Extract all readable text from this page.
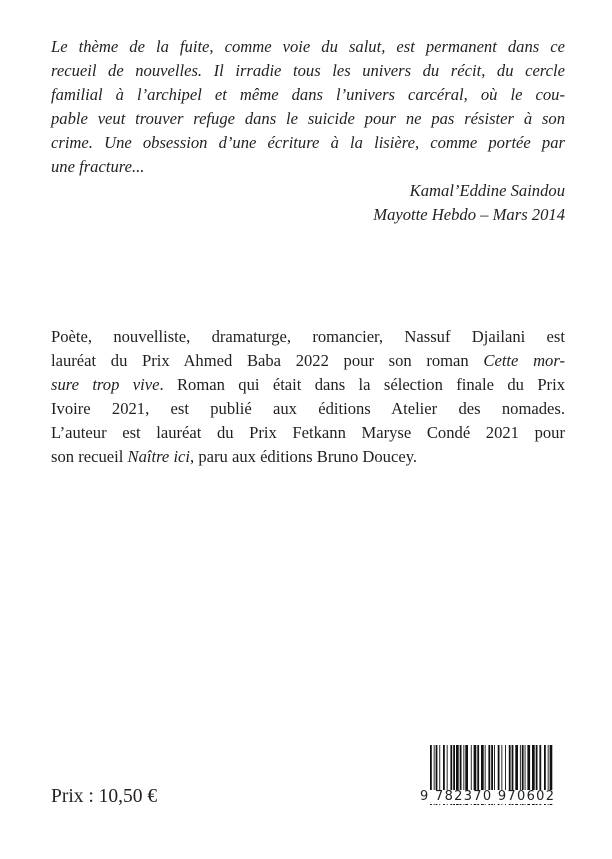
Le thème de la fuite, comme voie du salut, est permanent dans ce
recueil de nouvelles. Il irradie tous les univers du récit, du cercle
familial à l’archipel et même dans l’univers carcéral, où le cou-
pable veut trouver refuge dans le suicide pour ne pas résister à son
crime. Une obsession d’une écriture à la lisière, comme portée par
une fracture...
Kamal’Eddine Saindou
Mayotte Hebdo – Mars 2014
Poète, nouvelliste, dramaturge, romancier, Nassuf Djailani est
lauréat du Prix Ahmed Baba 2022 pour son roman Cette mor-
sure trop vive. Roman qui était dans la sélection finale du Prix
Ivoire 2021, est publié aux éditions Atelier des nomades.
L’auteur est lauréat du Prix Fetkann Maryse Condé 2021 pour
son recueil Naître ici, paru aux éditions Bruno Doucey.
Prix : 10,50 €	9 782370 970602
